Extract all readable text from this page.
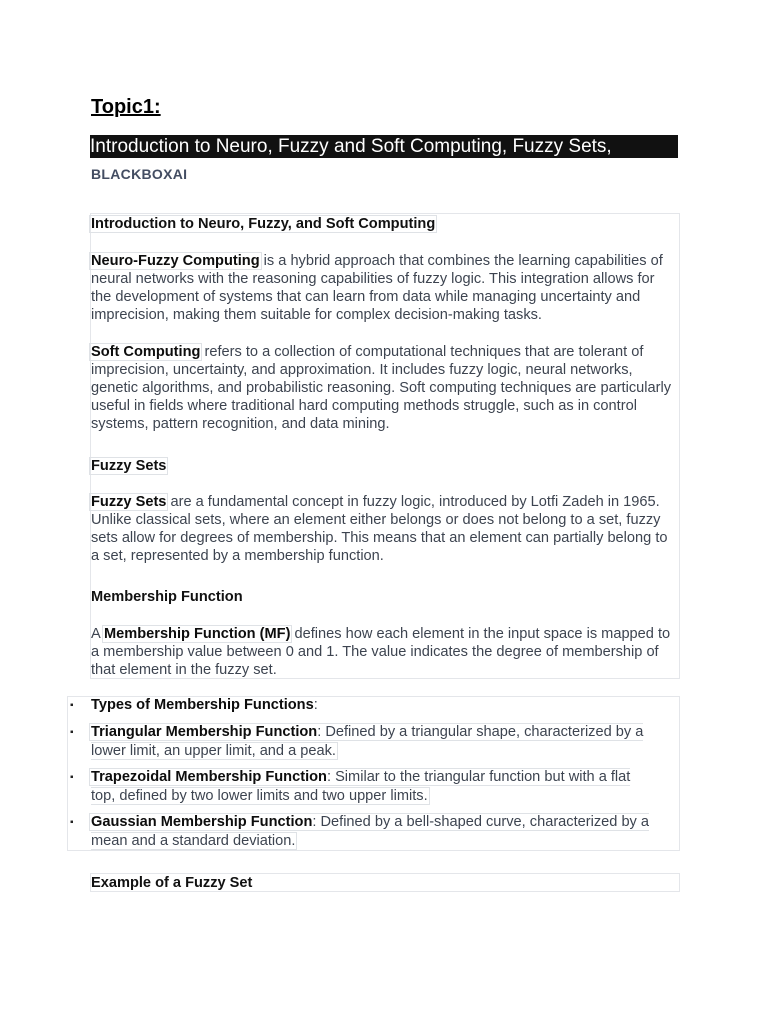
Topic1:
Introduction to Neuro, Fuzzy and Soft Computing, Fuzzy Sets,
BLACKBOXAI
Introduction to Neuro, Fuzzy, and Soft Computing
Neuro-Fuzzy Computing is a hybrid approach that combines the learning capabilities of neural networks with the reasoning capabilities of fuzzy logic. This integration allows for the development of systems that can learn from data while managing uncertainty and imprecision, making them suitable for complex decision-making tasks.
Soft Computing refers to a collection of computational techniques that are tolerant of imprecision, uncertainty, and approximation. It includes fuzzy logic, neural networks, genetic algorithms, and probabilistic reasoning. Soft computing techniques are particularly useful in fields where traditional hard computing methods struggle, such as in control systems, pattern recognition, and data mining.
Fuzzy Sets
Fuzzy Sets are a fundamental concept in fuzzy logic, introduced by Lotfi Zadeh in 1965. Unlike classical sets, where an element either belongs or does not belong to a set, fuzzy sets allow for degrees of membership. This means that an element can partially belong to a set, represented by a membership function.
Membership Function
A Membership Function (MF) defines how each element in the input space is mapped to a membership value between 0 and 1. The value indicates the degree of membership of that element in the fuzzy set.
▪ Types of Membership Functions:
▪ Triangular Membership Function: Defined by a triangular shape, characterized by a lower limit, an upper limit, and a peak.
▪ Trapezoidal Membership Function: Similar to the triangular function but with a flat top, defined by two lower limits and two upper limits.
▪ Gaussian Membership Function: Defined by a bell-shaped curve, characterized by a mean and a standard deviation.
Example of a Fuzzy Set
